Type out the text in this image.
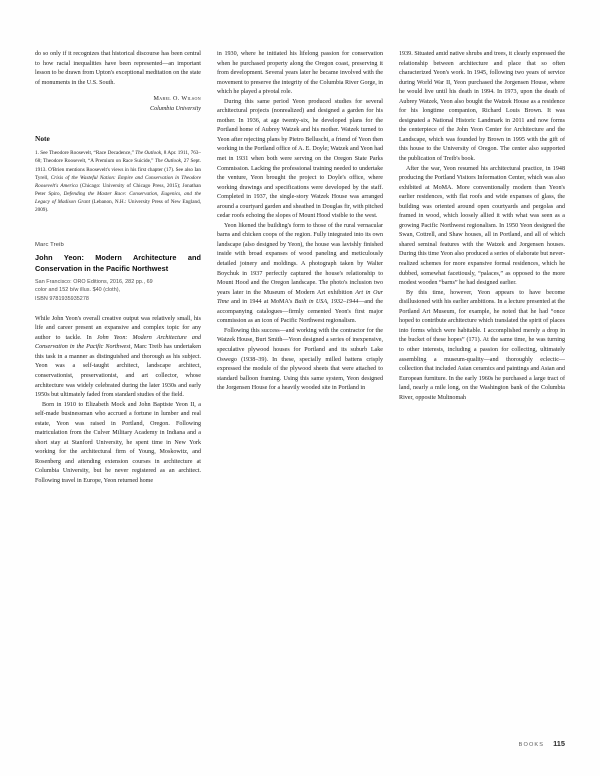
do so only if it recognizes that historical discourse has been central to how racial inequalities have been represented—an important lesson to be drawn from Upton's exceptional meditation on the state of monuments in the U.S. South.

Mabel O. Wilson
Columbia University
Note
1. See Theodore Roosevelt, “Race Decadence,” The Outlook, 8 Apr. 1911, 763–68; Theodore Roosevelt, “A Premium on Race Suicide,” The Outlook, 27 Sept. 1913. O'Brien mentions Roosevelt's views in his first chapter (17). See also Ian Tyrell, Crisis of the Wasteful Nation: Empire and Conservation in Theodore Roosevelt's America (Chicago: University of Chicago Press, 2015); Jonathan Peter Spiro, Defending the Master Race: Conservation, Eugenics, and the Legacy of Madison Grant (Lebanon, N.H.: University Press of New England, 2009).
Marc Treib
John Yeon: Modern Architecture and Conservation in the Pacific Northwest
San Francisco: ORO Editions, 2016, 282 pp., 69
color and 152 b/w illus. $40 (cloth),
ISBN 9781935935278

While John Yeon's overall creative output was relatively small, his life and career present an expansive and complex topic for any author to tackle. In John Yeon: Modern Architecture and Conservation in the Pacific Northwest, Marc Treib has undertaken this task in a manner as distinguished and thorough as his subject. Yeon was a self-taught architect, landscape architect, conservationist, preservationist, and art collector, whose architecture was widely celebrated during the later 1930s and early 1950s but ultimately faded from standard studies of the field.

Born in 1910 to Elizabeth Mock and John Baptiste Yeon II, a self-made businessman who accrued a fortune in lumber and real estate, Yeon was raised in Portland, Oregon. Following matriculation from the Culver Military Academy in Indiana and a short stay at Stanford University, he spent time in New York working for the architectural firm of Young, Moskowitz, and Rosenberg and attending extension courses in architecture at Columbia University, but he never registered as an architect. Following travel in Europe, Yeon returned home

in 1930, where he initiated his lifelong passion for conservation when he purchased property along the Oregon coast, preserving it from development. Several years later he became involved with the movement to preserve the integrity of the Columbia River Gorge, in which he played a pivotal role.

During this same period Yeon produced studies for several architectural projects (nonrealized) and designed a garden for his mother. In 1936, at age twenty-six, he developed plans for the Portland home of Aubrey Watzek and his mother. Watzek turned to Yeon after rejecting plans by Pietro Belluschi, a friend of Yeon then working in the Portland office of A. E. Doyle; Watzek and Yeon had met in 1931 when both were serving on the Oregon State Parks Commission. Lacking the professional training needed to undertake the venture, Yeon brought the project to Doyle's office, where working drawings and specifications were developed by the staff. Completed in 1937, the single-story Watzek House was arranged around a courtyard garden and sheathed in Douglas fir, with pitched cedar roofs echoing the slopes of Mount Hood visible to the west.

Yeon likened the building's form to those of the rural vernacular barns and chicken coops of the region. Fully integrated into its own landscape (also designed by Yeon), the house was lavishly finished inside with broad expanses of wood paneling and meticulously detailed joinery and moldings. A photograph taken by Walter Boychuk in 1937 perfectly captured the house's relationship to Mount Hood and the Oregon landscape. The photo's inclusion two years later in the Museum of Modern Art exhibition Art in Our Time and in 1944 at MoMA's Built in USA, 1932–1944—and the accompanying catalogues—firmly cemented Yeon's first major commission as an icon of Pacific Northwest regionalism.

Following this success—and working with the contractor for the Watzek House, Burt Smith—Yeon designed a series of inexpensive, speculative plywood houses for Portland and its suburb Lake Oswego (1938–39). In these, specially milled battens crisply expressed the module of the plywood sheets that were attached to standard balloon framing. Using this same system, Yeon designed the Jorgensen House for a heavily wooded site in Portland in

1939. Situated amid native shrubs and trees, it clearly expressed the relationship between architecture and place that so often characterized Yeon's work. In 1945, following two years of service during World War II, Yeon purchased the Jorgensen House, where he would live until his death in 1994. In 1973, upon the death of Aubrey Watzek, Yeon also bought the Watzek House as a residence for his longtime companion, Richard Louis Brown. It was designated a National Historic Landmark in 2011 and now forms the centerpiece of the John Yeon Center for Architecture and the Landscape, which was founded by Brown in 1995 with the gift of this house to the University of Oregon. The center also supported the publication of Treib's book.

After the war, Yeon resumed his architectural practice, in 1948 producing the Portland Visitors Information Center, which was also exhibited at MoMA. More conventionally modern than Yeon's earlier residences, with flat roofs and wide expanses of glass, the building was oriented around open courtyards and pergolas and framed in wood, which loosely allied it with what was seen as a growing Pacific Northwest regionalism. In 1950 Yeon designed the Swan, Cottrell, and Shaw houses, all in Portland, and all of which shared seminal features with the Watzek and Jorgensen houses. During this time Yeon also produced a series of elaborate but never-realized schemes for more expansive formal residences, which he dubbed, somewhat facetiously, “palaces,” as opposed to the more modest wooden “barns” he had designed earlier.

By this time, however, Yeon appears to have become disillusioned with his earlier ambitions. In a lecture presented at the Portland Art Museum, for example, he noted that he had “once hoped to contribute architecture which translated the spirit of places into forms which were habitable. I accomplished merely a drop in the bucket of these hopes” (171). At the same time, he was turning to other interests, including a passion for collecting, ultimately assembling a museum-quality—and thoroughly eclectic—collection that included Asian ceramics and paintings and Asian and European furniture. In the early 1960s he purchased a large tract of land, nearly a mile long, on the Washington bank of the Columbia River, opposite Multnomah

BOOKS 115
